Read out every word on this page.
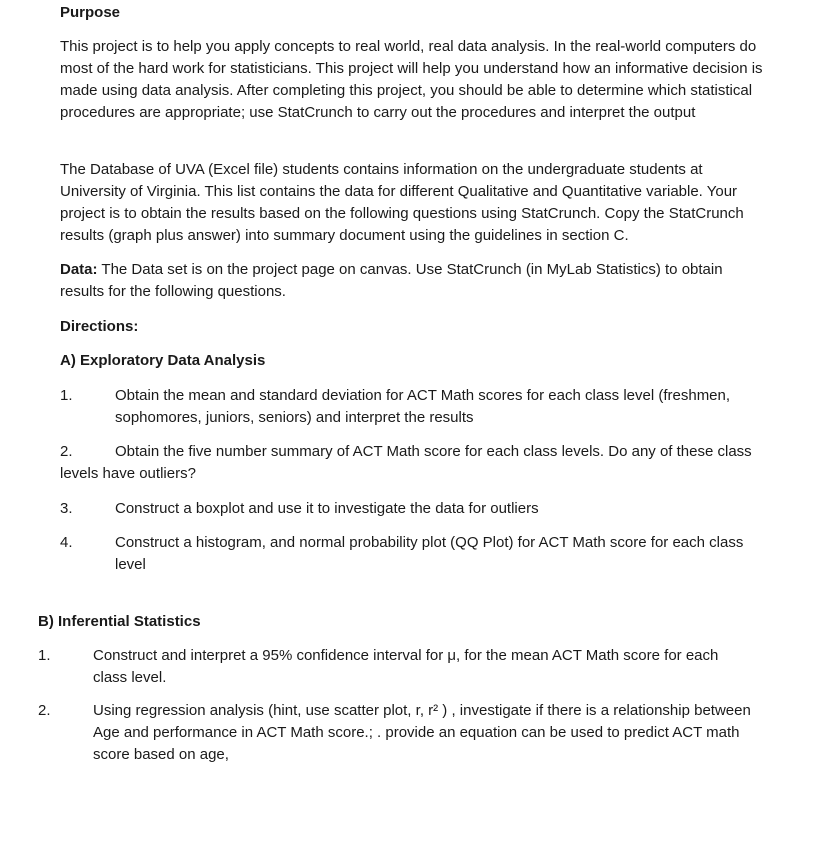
Purpose
This project is to help you apply concepts to real world, real data analysis. In the real-world computers do most of the hard work for statisticians. This project will help you understand how an informative decision is made using data analysis. After completing this project, you should be able to determine which statistical procedures are appropriate; use StatCrunch to carry out the procedures and interpret the output
The Database of UVA (Excel file) students contains information on the undergraduate students at University of Virginia. This list contains the data for different Qualitative and Quantitative variable. Your project is to obtain the results based on the following questions using StatCrunch. Copy the StatCrunch results (graph plus answer) into summary document using the guidelines in section C.
Data: The Data set is on the project page on canvas. Use StatCrunch (in MyLab Statistics) to obtain results for the following questions.
Directions:
A) Exploratory Data Analysis
1.	Obtain the mean and standard deviation for ACT Math scores for each class level (freshmen, sophomores, juniors, seniors) and interpret the results
2.	Obtain the five number summary of ACT Math score for each class levels. Do any of these class
levels have outliers?
3.	Construct a boxplot and use it to investigate the data for outliers
4.	Construct a histogram, and normal probability plot (QQ Plot) for ACT Math score for each class level
B) Inferential Statistics
1.	Construct and interpret a 95% confidence interval for μ, for the mean ACT Math score for each class level.
2.	Using regression analysis (hint, use scatter plot, r, r² ) , investigate if there is a relationship between Age and performance in ACT Math score.; . provide an equation can be used to predict ACT math score based on age,
